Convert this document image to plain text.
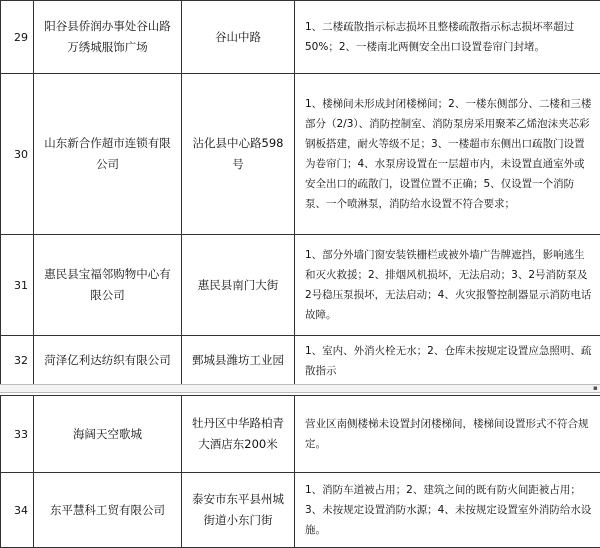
29	阳谷县侨润办事处谷山路万绣城服饰广场	谷山中路	1、二楼疏散指示标志损坏且整楼疏散指示标志损坏率超过50%；2、一楼南北两侧安全出口设置卷帘门封堵。
30	山东新合作超市连锁有限公司	沾化县中心路598号	1、楼梯间未形成封闭楼梯间；2、一楼东侧部分、二楼和三楼部分（2/3）、消防控制室、消防泵房采用聚苯乙烯泡沫夹芯彩钢板搭建，耐火等级不足；3、一楼超市东侧出口疏散门设置为卷帘门；4、水泵房设置在一层超市内，未设置直通室外或安全出口的疏散门，设置位置不正确；5、仅设置一个消防泵、一个喷淋泵，消防给水设置不符合要求；
31	惠民县宝福邻购物中心有限公司	惠民县南门大街	1、部分外墙门窗安装铁栅栏或被外墙广告牌遮挡，影响逃生和灭火救援；2、排烟风机损坏，无法启动；3、2号消防泵及2号稳压泵损坏，无法启动；4、火灾报警控制器显示消防电话故障。
32	菏泽亿利达纺织有限公司	鄄城县潍坊工业园	1、室内、外消火栓无水；2、仓库未按规定设置应急照明、疏散指示
▪
33	海阔天空歌城	牡丹区中华路柏青大酒店东200米	营业区南侧楼梯未设置封闭楼梯间，楼梯间设置形式不符合规定。
34	东平慧科工贸有限公司	泰安市东平县州城街道小东门街	1、消防车道被占用；2、建筑之间的既有防火间距被占用；3、未按规定设置消防水源；4、未按规定设置室外消防给水设施。
